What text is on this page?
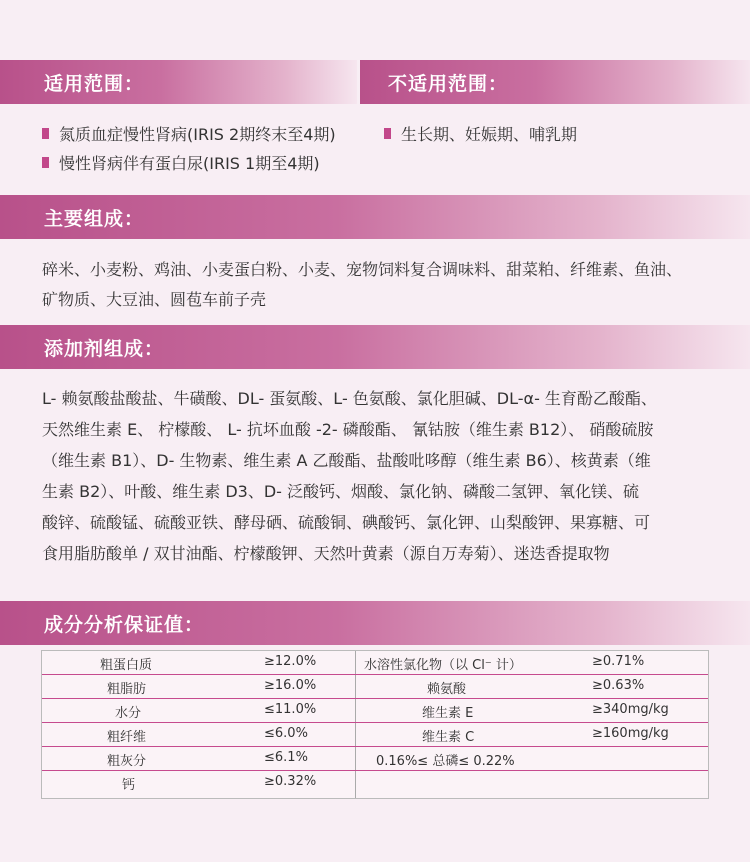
适用范围：	不适用范围：
氮质血症慢性肾病(IRIS 2期终末至4期)
慢性肾病伴有蛋白尿(IRIS 1期至4期)
生长期、妊娠期、哺乳期
主要组成：
碎米、小麦粉、鸡油、小麦蛋白粉、小麦、宠物饲料复合调味料、甜菜粕、纤维素、鱼油、
矿物质、大豆油、圆苞车前子壳
添加剂组成：
L- 赖氨酸盐酸盐、牛磺酸、DL- 蛋氨酸、L- 色氨酸、氯化胆碱、DL-α- 生育酚乙酸酯、
天然维生素 E、 柠檬酸、 L- 抗坏血酸 -2- 磷酸酯、 氰钴胺（维生素 B12）、 硝酸硫胺
（维生素 B1）、D- 生物素、维生素 A 乙酸酯、盐酸吡哆醇（维生素 B6）、核黄素（维
生素 B2）、叶酸、维生素 D3、D- 泛酸钙、烟酸、氯化钠、磷酸二氢钾、氧化镁、硫
酸锌、硫酸锰、硫酸亚铁、酵母硒、硫酸铜、碘酸钙、氯化钾、山梨酸钾、果寡糖、可
食用脂肪酸单 / 双甘油酯、柠檬酸钾、天然叶黄素（源自万寿菊）、迷迭香提取物
成分分析保证值：
粗蛋白质	≥12.0%	水溶性氯化物（以 Cl⁻ 计）	≥0.71%
粗脂肪	≥16.0%	赖氨酸	≥0.63%
水分	≤11.0%	维生素 E	≥340mg/kg
粗纤维	≤6.0%	维生素 C	≥160mg/kg
粗灰分	≤6.1%	0.16%≤ 总磷≤ 0.22%
钙	≥0.32%
